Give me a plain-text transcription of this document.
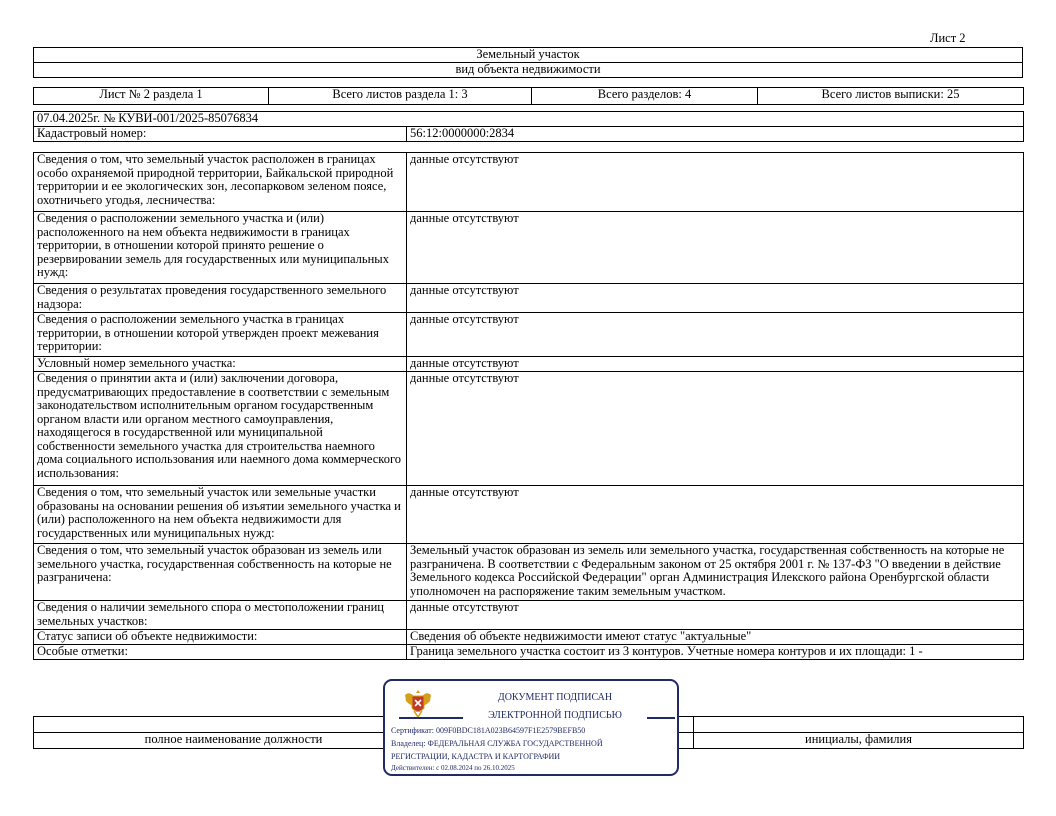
Лист 2
Земельный участок
вид объекта недвижимости
Лист № 2 раздела 1	Всего листов раздела 1: 3	Всего разделов: 4	Всего листов выписки: 25
07.04.2025г. № КУВИ-001/2025-85076834
Кадастровый номер:	56:12:0000000:2834
Сведения о том, что земельный участок расположен в границах особо охраняемой природной территории, Байкальской природной территории и ее экологических зон, лесопарковом зеленом поясе, охотничьего угодья, лесничества:	данные отсутствуют
Сведения о расположении земельного участка и (или) расположенного на нем объекта недвижимости в границах территории, в отношении которой принято решение о резервировании земель для государственных или муниципальных нужд:	данные отсутствуют
Сведения о результатах проведения государственного земельного надзора:	данные отсутствуют
Сведения о расположении земельного участка в границах территории, в отношении которой утвержден проект межевания территории:	данные отсутствуют
Условный номер земельного участка:	данные отсутствуют
Сведения о принятии акта и (или) заключении договора, предусматривающих предоставление в соответствии с земельным законодательством исполнительным органом государственным органом власти или органом местного самоуправления, находящегося в государственной или муниципальной собственности земельного участка для строительства наемного дома социального использования или наемного дома коммерческого использования:	данные отсутствуют
Сведения о том, что земельный участок или земельные участки образованы на основании решения об изъятии земельного участка и (или) расположенного на нем объекта недвижимости для государственных или муниципальных нужд:	данные отсутствуют
Сведения о том, что земельный участок образован из земель или земельного участка, государственная собственность на которые не разграничена:	Земельный участок образован из земель или земельного участка, государственная собственность на которые не разграничена. В соответствии с Федеральным законом от 25 октября 2001 г. № 137-ФЗ "О введении в действие Земельного кодекса Российской Федерации" орган Администрация Илекского района Оренбургской области уполномочен на распоряжение таким земельным участком.
Сведения о наличии земельного спора о местоположении границ земельных участков:	данные отсутствуют
Статус записи об объекте недвижимости:	Сведения об объекте недвижимости имеют статус "актуальные"
Особые отметки:	Граница земельного участка состоит из 3 контуров. Учетные номера контуров и их площади: 1 -

полное наименование должности		инициалы, фамилия
ДОКУМЕНТ ПОДПИСАН
ЭЛЕКТРОННОЙ ПОДПИСЬЮ
Сертификат: 009F0BDC181A023B64597F1E2579BEFB50
Владелец: ФЕДЕРАЛЬНАЯ СЛУЖБА ГОСУДАРСТВЕННОЙ
РЕГИСТРАЦИИ, КАДАСТРА И КАРТОГРАФИИ
Действителен: с 02.08.2024 по 26.10.2025
